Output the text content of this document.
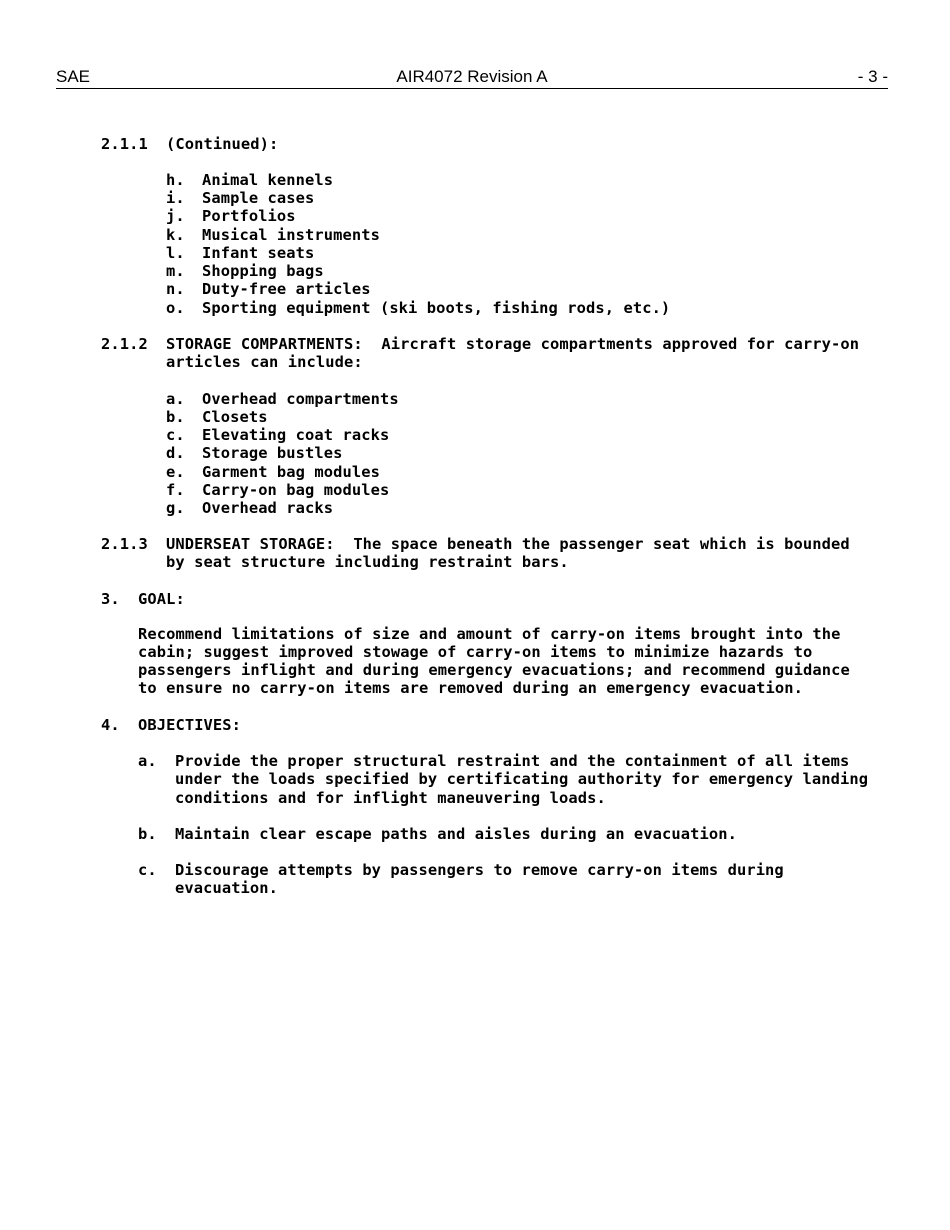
SAE	AIR4072 Revision A	- 3 -
2.1.1 (Continued):
h. Animal kennels
i. Sample cases
j. Portfolios
k. Musical instruments
l. Infant seats
m. Shopping bags
n. Duty-free articles
o. Sporting equipment (ski boots, fishing rods, etc.)
2.1.2 STORAGE COMPARTMENTS:  Aircraft storage compartments approved for carry-on
articles can include:
a. Overhead compartments
b. Closets
c. Elevating coat racks
d. Storage bustles
e. Garment bag modules
f. Carry-on bag modules
g. Overhead racks
2.1.3 UNDERSEAT STORAGE:  The space beneath the passenger seat which is bounded
by seat structure including restraint bars.
3. GOAL:
Recommend limitations of size and amount of carry-on items brought into the
cabin; suggest improved stowage of carry-on items to minimize hazards to
passengers inflight and during emergency evacuations; and recommend guidance
to ensure no carry-on items are removed during an emergency evacuation.
4. OBJECTIVES:
a. Provide the proper structural restraint and the containment of all items
under the loads specified by certificating authority for emergency landing
conditions and for inflight maneuvering loads.
b. Maintain clear escape paths and aisles during an evacuation.
c. Discourage attempts by passengers to remove carry-on items during
evacuation.
